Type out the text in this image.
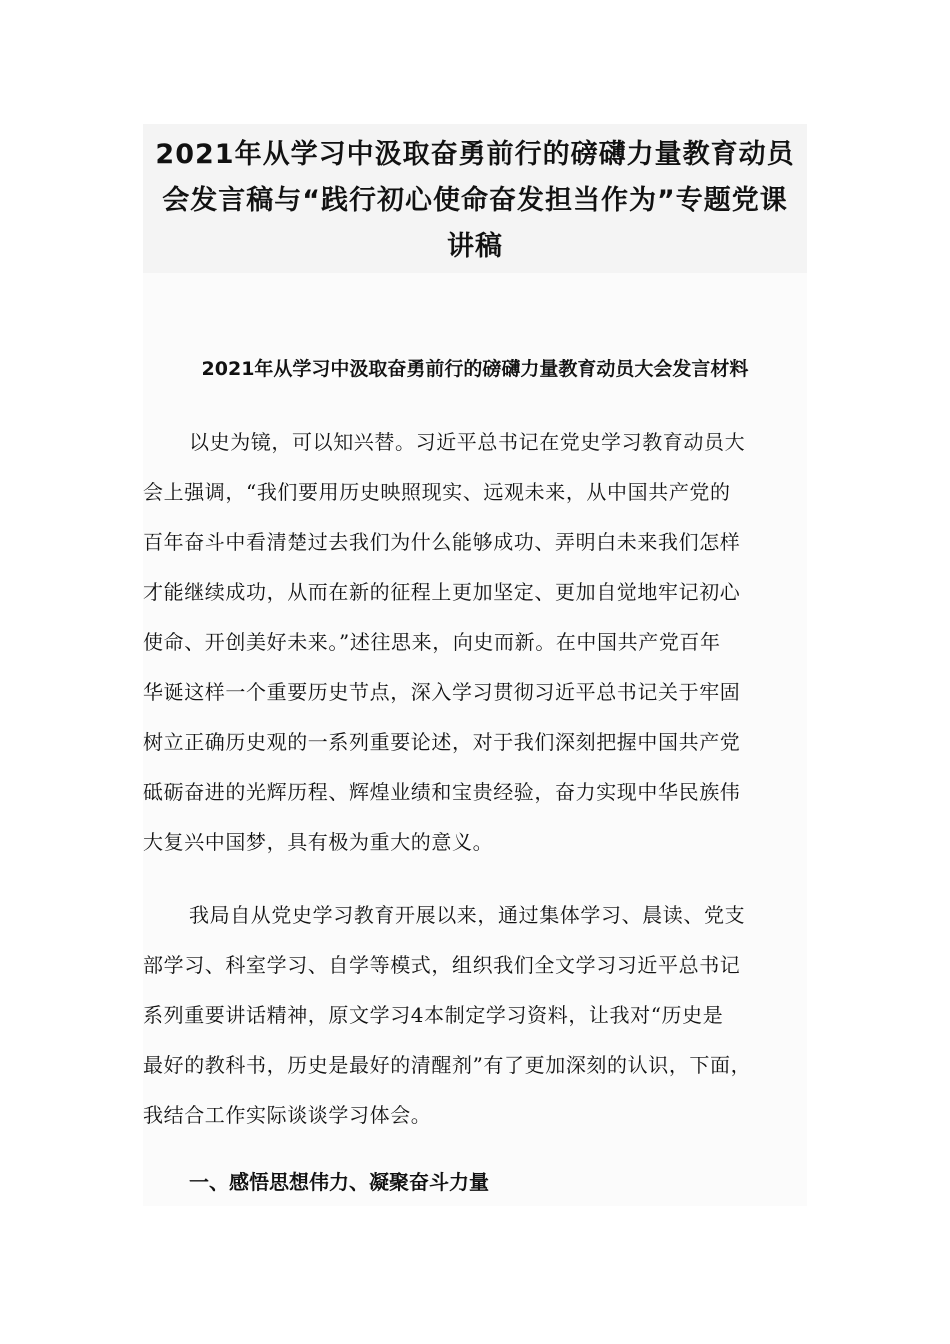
2021年从学习中汲取奋勇前行的磅礴力量教育动员
会发言稿与“践行初心使命奋发担当作为”专题党课
讲稿
2021年从学习中汲取奋勇前行的磅礴力量教育动员大会发言材料

以史为镜，可以知兴替。习近平总书记在党史学习教育动员大
会上强调，“我们要用历史映照现实、远观未来，从中国共产党的
百年奋斗中看清楚过去我们为什么能够成功、弄明白未来我们怎样
才能继续成功，从而在新的征程上更加坚定、更加自觉地牢记初心
使命、开创美好未来。”述往思来，向史而新。在中国共产党百年
华诞这样一个重要历史节点，深入学习贯彻习近平总书记关于牢固
树立正确历史观的一系列重要论述，对于我们深刻把握中国共产党
砥砺奋进的光辉历程、辉煌业绩和宝贵经验，奋力实现中华民族伟
大复兴中国梦，具有极为重大的意义。

我局自从党史学习教育开展以来，通过集体学习、晨读、党支
部学习、科室学习、自学等模式，组织我们全文学习习近平总书记
系列重要讲话精神，原文学习4本制定学习资料，让我对“历史是
最好的教科书，历史是最好的清醒剂”有了更加深刻的认识，下面，
我结合工作实际谈谈学习体会。

一、感悟思想伟力、凝聚奋斗力量
